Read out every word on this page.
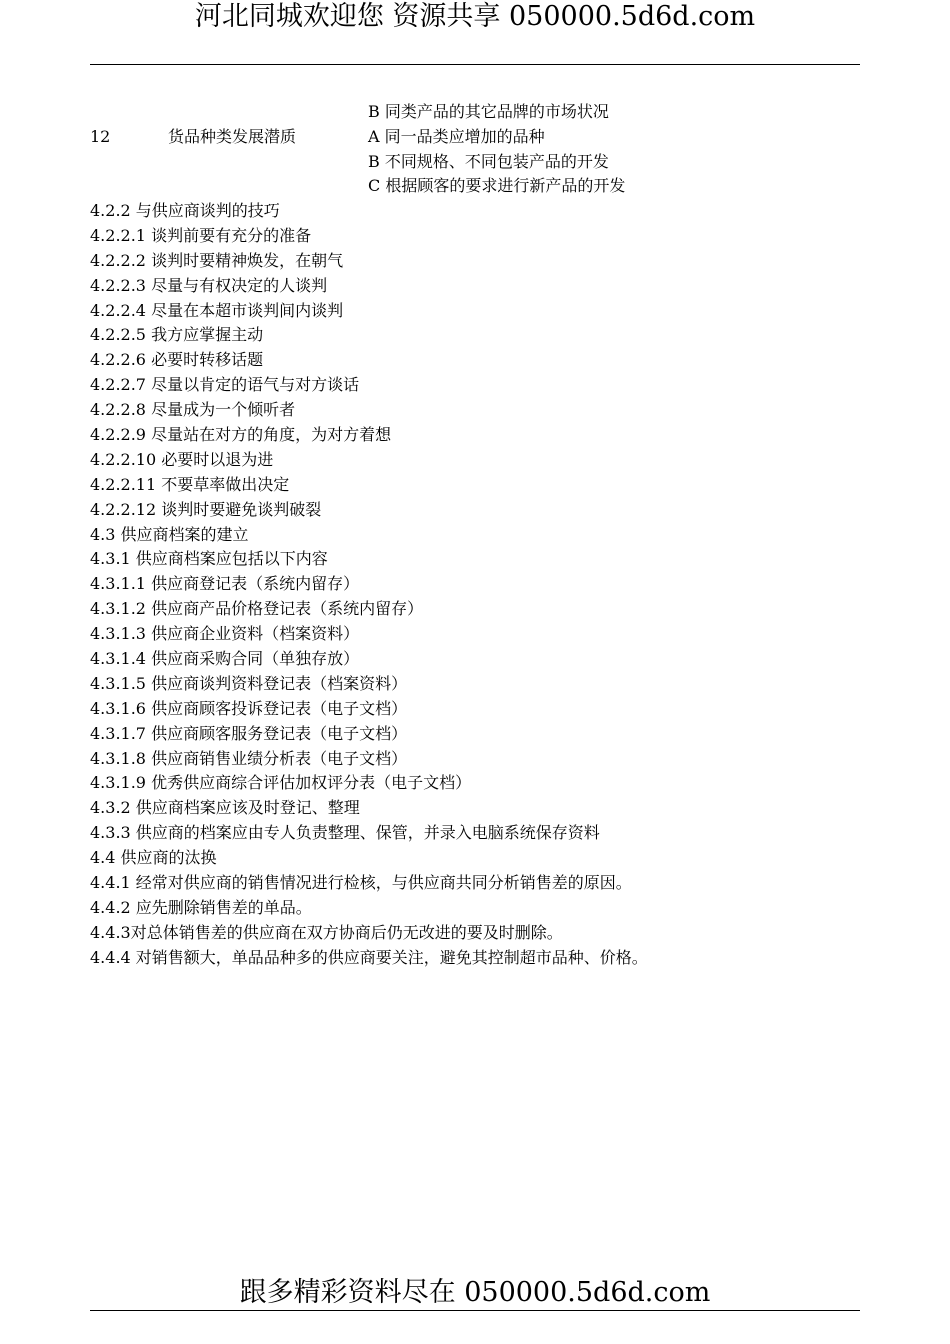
河北同城欢迎您 资源共享 050000.5d6d.com
12	货品种类发展潜质
B 同类产品的其它品牌的市场状况
A 同一品类应增加的品种
B 不同规格、不同包装产品的开发
C 根据顾客的要求进行新产品的开发
4.2.2 与供应商谈判的技巧
4.2.2.1 谈判前要有充分的准备
4.2.2.2 谈判时要精神焕发，在朝气
4.2.2.3 尽量与有权决定的人谈判
4.2.2.4 尽量在本超市谈判间内谈判
4.2.2.5 我方应掌握主动
4.2.2.6 必要时转移话题
4.2.2.7 尽量以肯定的语气与对方谈话
4.2.2.8 尽量成为一个倾听者
4.2.2.9 尽量站在对方的角度，为对方着想
4.2.2.10 必要时以退为进
4.2.2.11 不要草率做出决定
4.2.2.12 谈判时要避免谈判破裂
4.3 供应商档案的建立
4.3.1 供应商档案应包括以下内容
4.3.1.1 供应商登记表（系统内留存）
4.3.1.2 供应商产品价格登记表（系统内留存）
4.3.1.3 供应商企业资料（档案资料）
4.3.1.4 供应商采购合同（单独存放）
4.3.1.5 供应商谈判资料登记表（档案资料）
4.3.1.6 供应商顾客投诉登记表（电子文档）
4.3.1.7 供应商顾客服务登记表（电子文档）
4.3.1.8 供应商销售业绩分析表（电子文档）
4.3.1.9 优秀供应商综合评估加权评分表（电子文档）
4.3.2 供应商档案应该及时登记、整理
4.3.3 供应商的档案应由专人负责整理、保管，并录入电脑系统保存资料
4.4 供应商的汰换
4.4.1 经常对供应商的销售情况进行检核，与供应商共同分析销售差的原因。
4.4.2 应先删除销售差的单品。
4.4.3对总体销售差的供应商在双方协商后仍无改进的要及时删除。
4.4.4 对销售额大，单品品种多的供应商要关注，避免其控制超市品种、价格。
跟多精彩资料尽在 050000.5d6d.com
